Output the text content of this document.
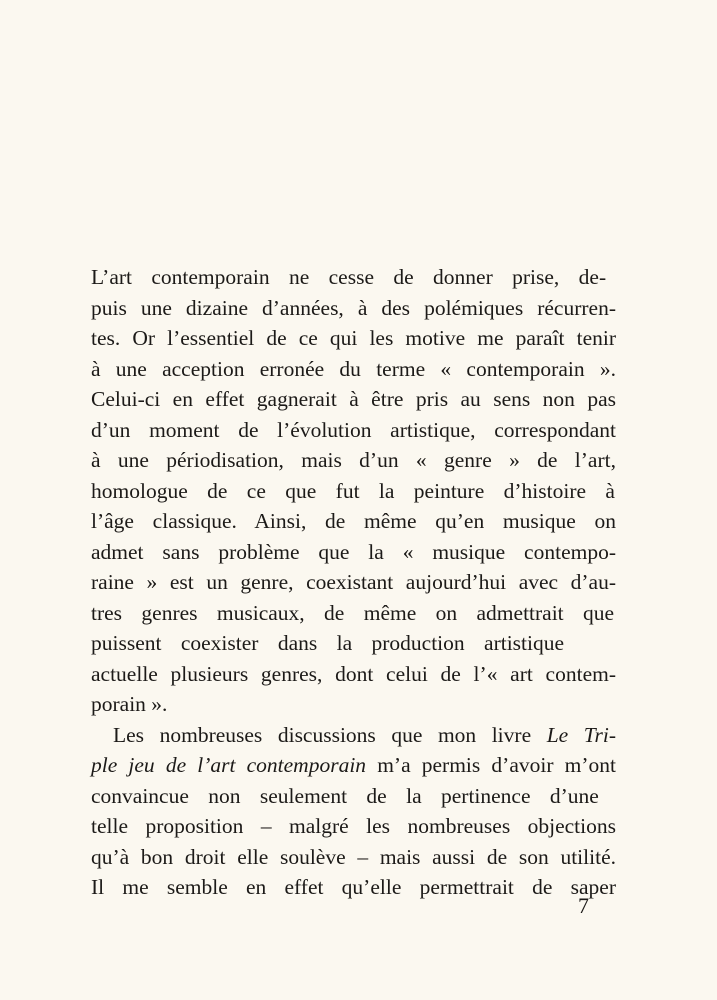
L’art contemporain ne cesse de donner prise, de-
puis une dizaine d’années, à des polémiques récurren-
tes. Or l’essentiel de ce qui les motive me paraît tenir
à une acception erronée du terme « contemporain ».
Celui-ci en effet gagnerait à être pris au sens non pas
d’un moment de l’évolution artistique, correspondant
à une périodisation, mais d’un « genre » de l’art,
homologue de ce que fut la peinture d’histoire à
l’âge classique. Ainsi, de même qu’en musique on
admet sans problème que la « musique contempo-
raine » est un genre, coexistant aujourd’hui avec d’au-
tres genres musicaux, de même on admettrait que
puissent coexister dans la production artistique
actuelle plusieurs genres, dont celui de l’« art contem-
porain ».
Les nombreuses discussions que mon livre Le Tri-
ple jeu de l’art contemporain m’a permis d’avoir m’ont
convaincue non seulement de la pertinence d’une
telle proposition – malgré les nombreuses objections
qu’à bon droit elle soulève – mais aussi de son utilité.
Il me semble en effet qu’elle permettrait de saper
7
